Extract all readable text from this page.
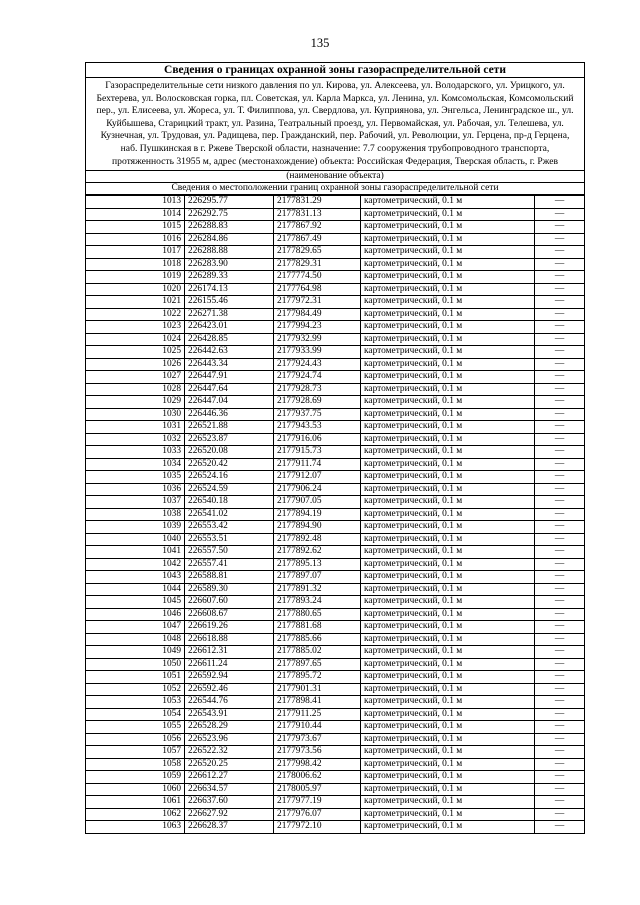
135
Сведения о границах охранной зоны газораспределительной сети
Газораспределительные сети низкого давления по ул. Кирова, ул. Алексеева, ул. Володарского, ул. Урицкого, ул. Бехтерева, ул. Волосковская горка, пл. Советская, ул. Карла Маркса, ул. Ленина, ул. Комсомольская, Комсомольский пер., ул. Елисеева, ул. Жореса, ул. Т. Филиппова, ул. Свердлова, ул. Куприянова, ул. Энгельса, Ленинградское ш., ул. Куйбышева, Старицкий тракт, ул. Разина, Театральный проезд, ул. Первомайская, ул. Рабочая, ул. Телешева, ул. Кузнечная, ул. Трудовая, ул. Радищева, пер. Гражданский, пер. Рабочий, ул. Революции, ул. Герцена, пр-д Герцена, наб. Пушкинская в г. Ржеве Тверской области, назначение: 7.7 сооружения трубопроводного транспорта, протяженность 31955 м, адрес (местонахождение) объекта: Российская Федерация, Тверская область, г. Ржев
(наименование объекта)
Сведения о местоположении границ охранной зоны газораспределительной сети
1013	226295.77	2177831.29	картометрический, 0.1 м	—
1014	226292.75	2177831.13	картометрический, 0.1 м	—
1015	226288.83	2177867.92	картометрический, 0.1 м	—
1016	226284.86	2177867.49	картометрический, 0.1 м	—
1017	226288.88	2177829.65	картометрический, 0.1 м	—
1018	226283.90	2177829.31	картометрический, 0.1 м	—
1019	226289.33	2177774.50	картометрический, 0.1 м	—
1020	226174.13	2177764.98	картометрический, 0.1 м	—
1021	226155.46	2177972.31	картометрический, 0.1 м	—
1022	226271.38	2177984.49	картометрический, 0.1 м	—
1023	226423.01	2177994.23	картометрический, 0.1 м	—
1024	226428.85	2177932.99	картометрический, 0.1 м	—
1025	226442.63	2177933.99	картометрический, 0.1 м	—
1026	226443.34	2177924.43	картометрический, 0.1 м	—
1027	226447.91	2177924.74	картометрический, 0.1 м	—
1028	226447.64	2177928.73	картометрический, 0.1 м	—
1029	226447.04	2177928.69	картометрический, 0.1 м	—
1030	226446.36	2177937.75	картометрический, 0.1 м	—
1031	226521.88	2177943.53	картометрический, 0.1 м	—
1032	226523.87	2177916.06	картометрический, 0.1 м	—
1033	226520.08	2177915.73	картометрический, 0.1 м	—
1034	226520.42	2177911.74	картометрический, 0.1 м	—
1035	226524.16	2177912.07	картометрический, 0.1 м	—
1036	226524.59	2177906.24	картометрический, 0.1 м	—
1037	226540.18	2177907.05	картометрический, 0.1 м	—
1038	226541.02	2177894.19	картометрический, 0.1 м	—
1039	226553.42	2177894.90	картометрический, 0.1 м	—
1040	226553.51	2177892.48	картометрический, 0.1 м	—
1041	226557.50	2177892.62	картометрический, 0.1 м	—
1042	226557.41	2177895.13	картометрический, 0.1 м	—
1043	226588.81	2177897.07	картометрический, 0.1 м	—
1044	226589.30	2177891.32	картометрический, 0.1 м	—
1045	226607.60	2177893.24	картометрический, 0.1 м	—
1046	226608.67	2177880.65	картометрический, 0.1 м	—
1047	226619.26	2177881.68	картометрический, 0.1 м	—
1048	226618.88	2177885.66	картометрический, 0.1 м	—
1049	226612.31	2177885.02	картометрический, 0.1 м	—
1050	226611.24	2177897.65	картометрический, 0.1 м	—
1051	226592.94	2177895.72	картометрический, 0.1 м	—
1052	226592.46	2177901.31	картометрический, 0.1 м	—
1053	226544.76	2177898.41	картометрический, 0.1 м	—
1054	226543.91	2177911.25	картометрический, 0.1 м	—
1055	226528.29	2177910.44	картометрический, 0.1 м	—
1056	226523.96	2177973.67	картометрический, 0.1 м	—
1057	226522.32	2177973.56	картометрический, 0.1 м	—
1058	226520.25	2177998.42	картометрический, 0.1 м	—
1059	226612.27	2178006.62	картометрический, 0.1 м	—
1060	226634.57	2178005.97	картометрический, 0.1 м	—
1061	226637.60	2177977.19	картометрический, 0.1 м	—
1062	226627.92	2177976.07	картометрический, 0.1 м	—
1063	226628.37	2177972.10	картометрический, 0.1 м	—
